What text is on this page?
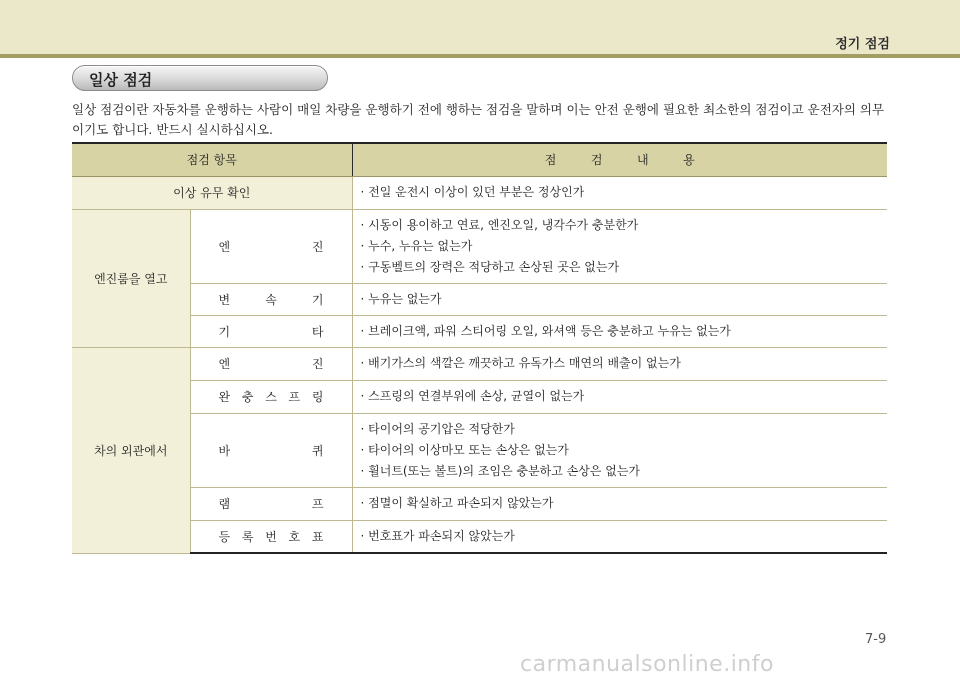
정기 점검
일상 점검

일상 점검이란 자동차를 운행하는 사람이 매일 차량을 운행하기 전에 행하는 점검을 말하며 이는 안전 운행에 필요한 최소한의 점검이고 운전자의 의무이기도 합니다. 반드시 실시하십시오.

점검 항목		점 검 내 용

이상 유무 확인		· 전일 운전시 이상이 있던 부분은 정상인가

엔진룸을 열고	엔 진	· 시동이 용이하고 연료, 엔진오일, 냉각수가 충분한가
· 누수, 누유는 없는가
· 구동벨트의 장력은 적당하고 손상된 곳은 없는가

	변 속 기	· 누유는 없는가

	기 타	· 브레이크액, 파워 스티어링 오일, 와셔액 등은 충분하고 누유는 없는가

차의 외관에서	엔 진	· 배기가스의 색깔은 깨끗하고 유독가스 매연의 배출이 없는가

	완 충 스 프 링	· 스프링의 연결부위에 손상, 균열이 없는가

	바 퀴	· 타이어의 공기압은 적당한가
· 타이어의 이상마모 또는 손상은 없는가
· 휠너트(또는 볼트)의 조임은 충분하고 손상은 없는가

	램 프	· 점멸이 확실하고 파손되지 않았는가

	등 록 번 호 표	· 번호표가 파손되지 않았는가
7-9
carmanualsonline.info
